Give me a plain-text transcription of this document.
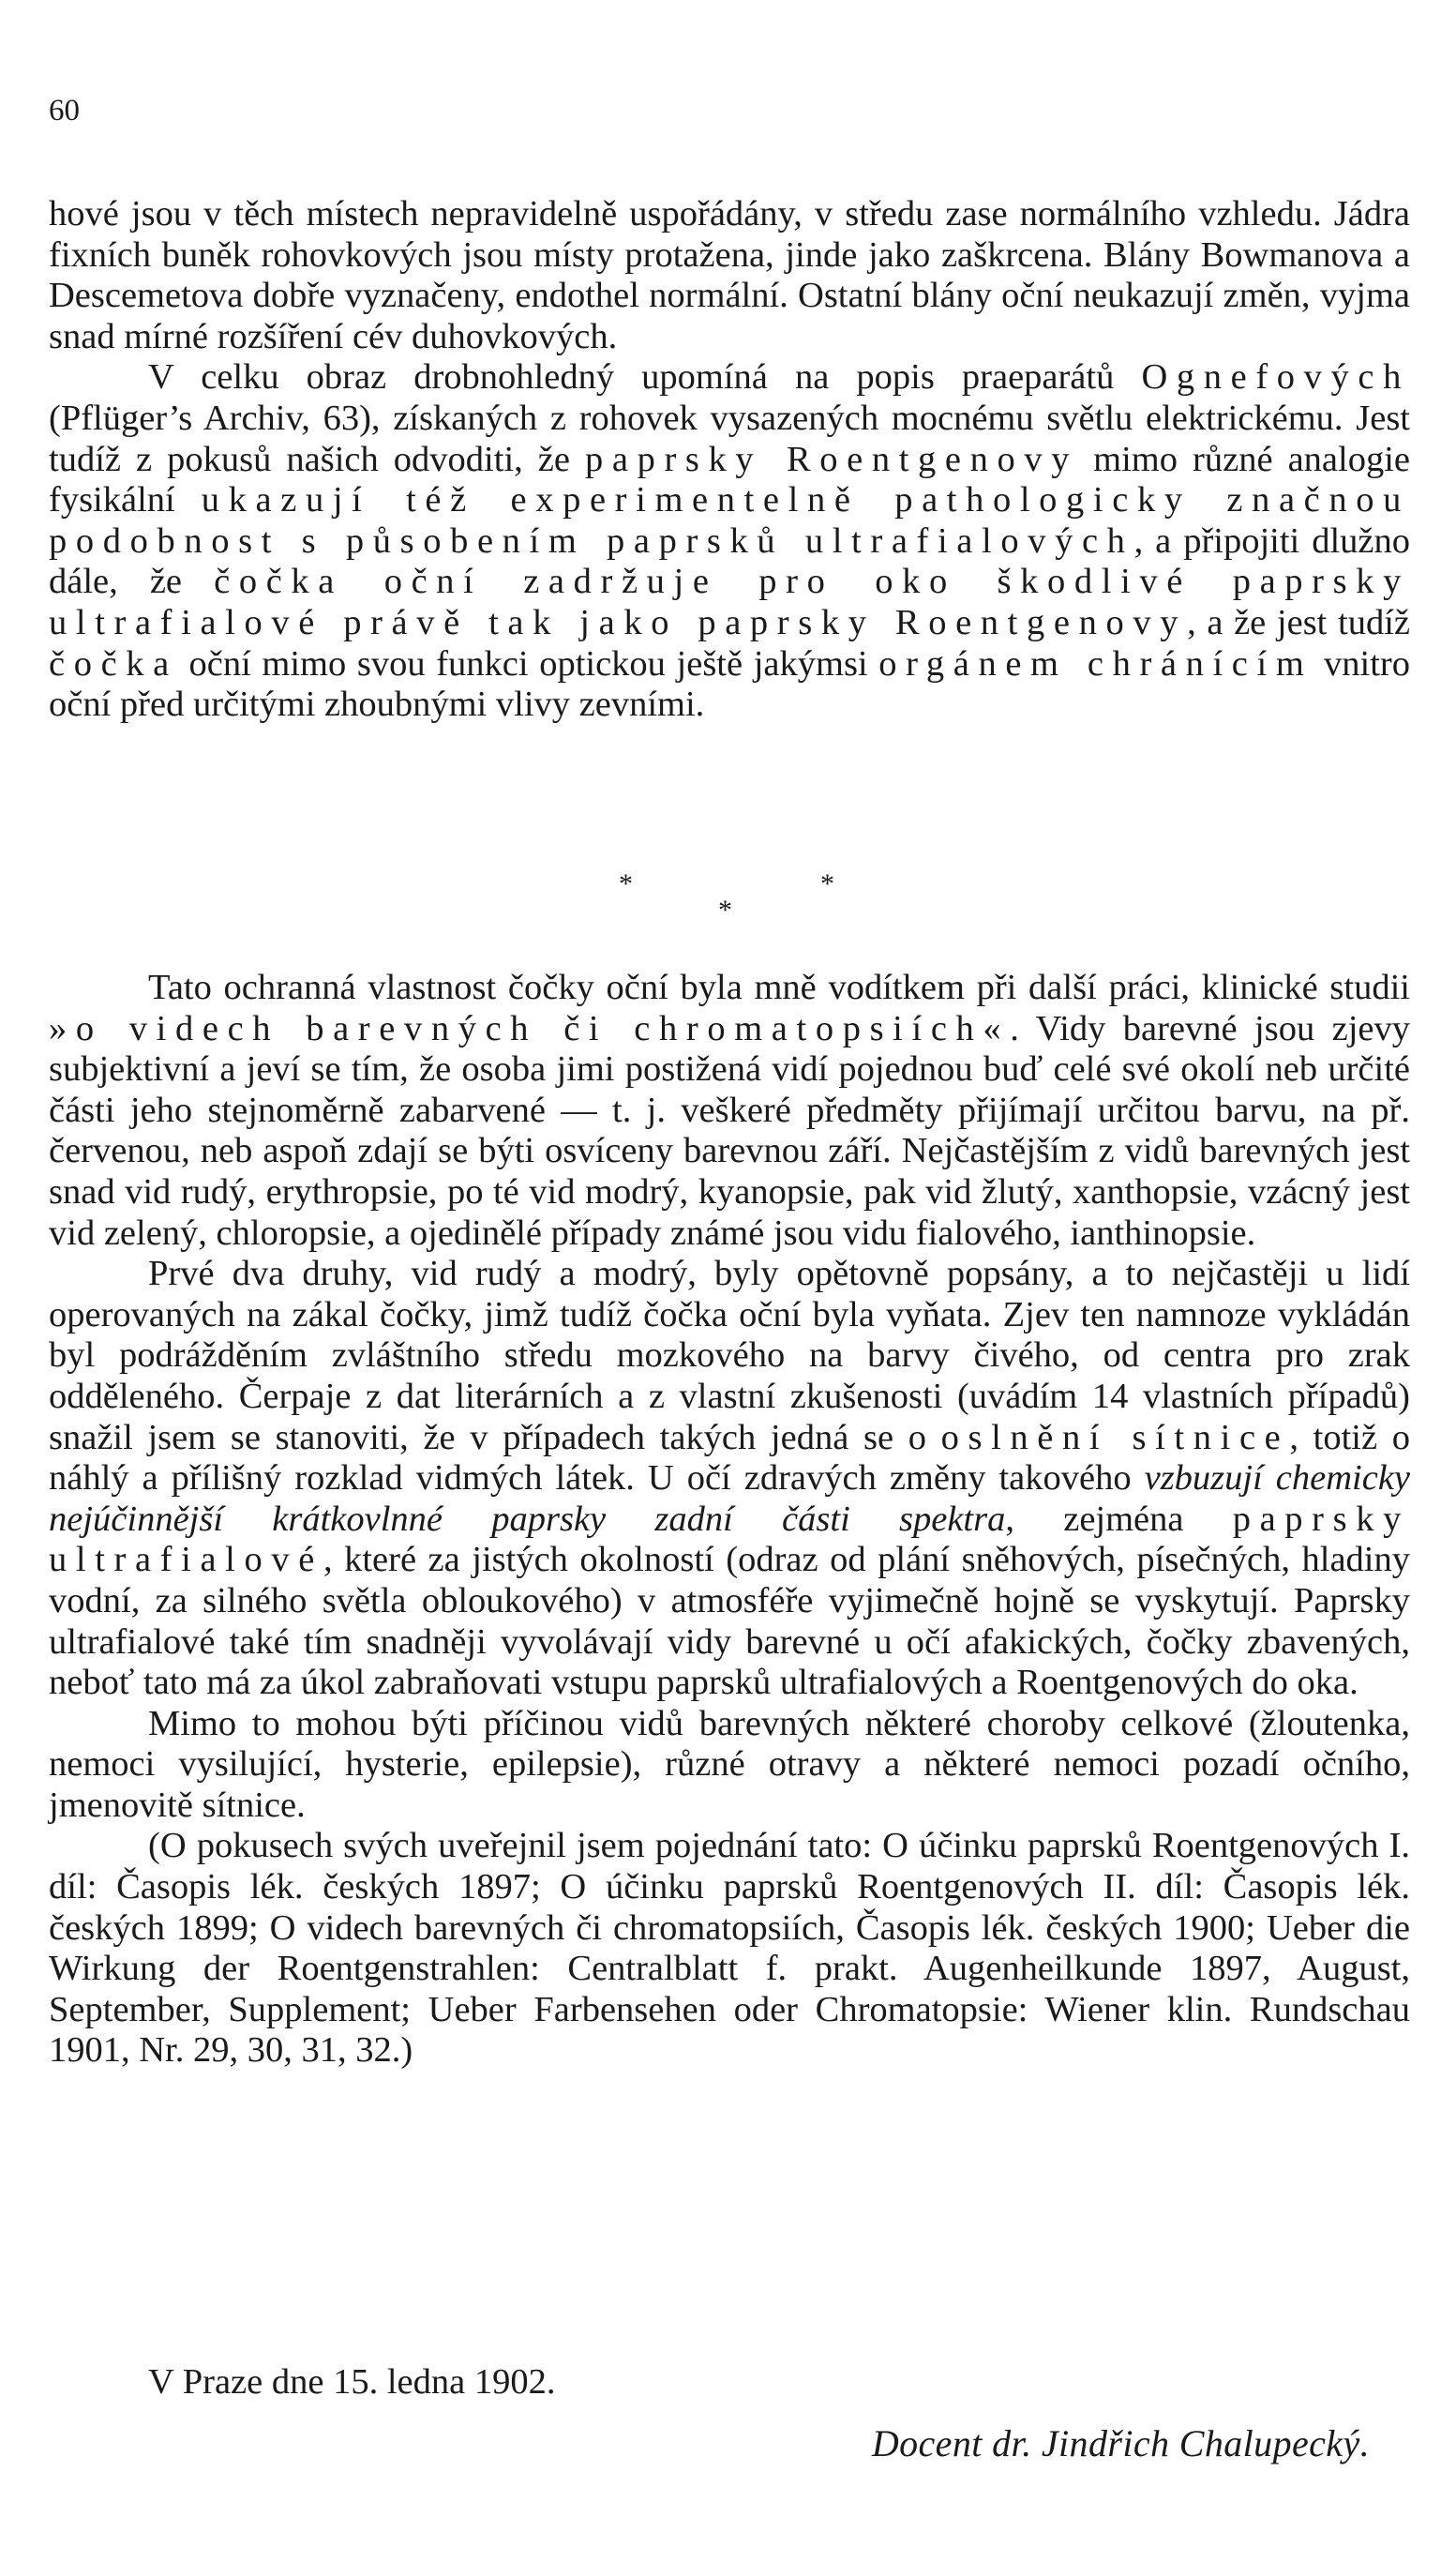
60

hové jsou v těch místech nepravidelně uspořádány, v středu zase normálního vzhledu. Jádra fixních buněk rohovkových jsou místy protažena, jinde jako zaškrcena. Blány Bowmanova a Descemetova dobře vyznačeny, endothel normální. Ostatní blány oční neukazují změn, vyjma snad mírné rozšíření cév duhovkových.

V celku obraz drobnohledný upomíná na popis praeparátů Ognefových (Pflüger’s Archiv, 63), získaných z rohovek vysazených mocnému světlu elektrickému. Jest tudíž z pokusů našich odvoditi, že paprsky Roentgenovy mimo různé analogie fysikální ukazují též experimentelně pathologicky značnou podobnost s působením paprsků ultrafialových, a připojiti dlužno dále, že čočka oční zadržuje pro oko škodlivé paprsky ultrafialové právě tak jako paprsky Roentgenovy, a že jest tudíž čočka oční mimo svou funkci optickou ještě jakýmsi orgánem chránícím vnitro oční před určitými zhoubnými vlivy zevními.

*
*
*

Tato ochranná vlastnost čočky oční byla mně vodítkem při další práci, klinické studii »o videch barevných či chromatopsiích«. Vidy barevné jsou zjevy subjektivní a jeví se tím, že osoba jimi postižená vidí pojednou buď celé své okolí neb určité části jeho stejnoměrně zabarvené — t. j. veškeré předměty přijímají určitou barvu, na př. červenou, neb aspoň zdají se býti osvíceny barevnou září. Nejčastějším z vidů barevných jest snad vid rudý, erythropsie, po té vid modrý, kyanopsie, pak vid žlutý, xanthopsie, vzácný jest vid zelený, chloropsie, a ojedinělé případy známé jsou vidu fialového, ianthinopsie.

Prvé dva druhy, vid rudý a modrý, byly opětovně popsány, a to nejčastěji u lidí operovaných na zákal čočky, jimž tudíž čočka oční byla vyňata. Zjev ten namnoze vykládán byl podrážděním zvláštního středu mozkového na barvy čivého, od centra pro zrak odděleného. Čerpaje z dat literárních a z vlastní zkušenosti (uvádím 14 vlastních případů) snažil jsem se stanoviti, že v případech takých jedná se o oslnění sítnice, totiž o náhlý a přílišný rozklad vidmých látek. U očí zdravých změny takového vzbuzují chemicky nejúčinnější krátkovlnné paprsky zadní části spektra, zejména paprsky ultrafialové, které za jistých okolností (odraz od plání sněhových, písečných, hladiny vodní, za silného světla obloukového) v atmosféře vyjimečně hojně se vyskytují. Paprsky ultrafialové také tím snadněji vyvolávají vidy barevné u očí afakických, čočky zbavených, neboť tato má za úkol zabraňovati vstupu paprsků ultrafialových a Roentgenových do oka.

Mimo to mohou býti příčinou vidů barevných některé choroby celkové (žloutenka, nemoci vysilující, hysterie, epilepsie), různé otravy a některé nemoci pozadí očního, jmenovitě sítnice.

(O pokusech svých uveřejnil jsem pojednání tato: O účinku paprsků Roentgenových I. díl: Časopis lék. českých 1897; O účinku paprsků Roentgenových II. díl: Časopis lék. českých 1899; O videch barevných či chromatopsiích, Časopis lék. českých 1900; Ueber die Wirkung der Roentgenstrahlen: Centralblatt f. prakt. Augenheilkunde 1897, August, September, Supplement; Ueber Farbensehen oder Chromatopsie: Wiener klin. Rundschau 1901, Nr. 29, 30, 31, 32.)

V Praze dne 15. ledna 1902.
Docent dr. Jindřich Chalupecký.
